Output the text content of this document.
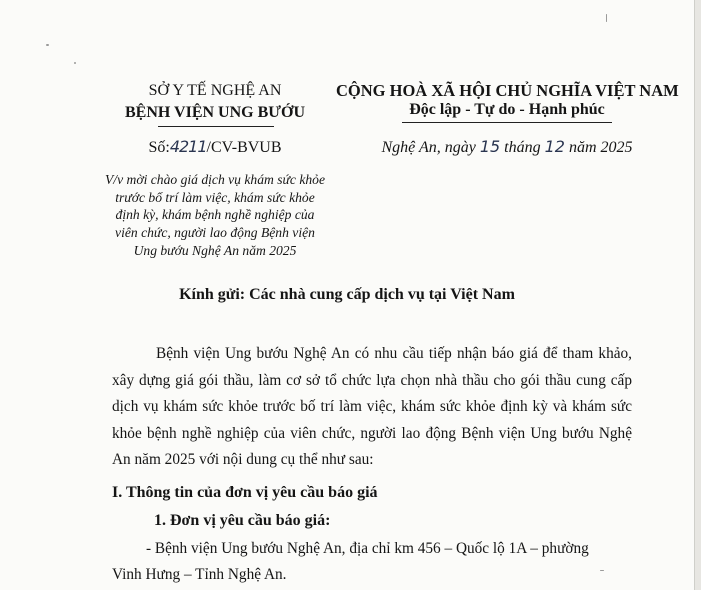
SỞ Y TẾ NGHỆ AN
BỆNH VIỆN UNG BƯỚU
CỘNG HOÀ XÃ HỘI CHỦ NGHĨA VIỆT NAM
Độc lập - Tự do - Hạnh phúc
Số:4211/CV-BVUB	Nghệ An, ngày 15 tháng 12 năm 2025
V/v mời chào giá dịch vụ khám sức khỏe trước bố trí làm việc, khám sức khỏe định kỳ, khám bệnh nghề nghiệp của viên chức, người lao động Bệnh viện Ung bướu Nghệ An năm 2025
Kính gửi: Các nhà cung cấp dịch vụ tại Việt Nam
Bệnh viện Ung bướu Nghệ An có nhu cầu tiếp nhận báo giá để tham khảo, xây dựng giá gói thầu, làm cơ sở tổ chức lựa chọn nhà thầu cho gói thầu cung cấp dịch vụ khám sức khỏe trước bố trí làm việc, khám sức khỏe định kỳ và khám sức khỏe bệnh nghề nghiệp của viên chức, người lao động Bệnh viện Ung bướu Nghệ An năm 2025 với nội dung cụ thể như sau:
I. Thông tin của đơn vị yêu cầu báo giá
1. Đơn vị yêu cầu báo giá:
- Bệnh viện Ung bướu Nghệ An, địa chỉ km 456 – Quốc lộ 1A – phường
Vinh Hưng – Tỉnh Nghệ An.
